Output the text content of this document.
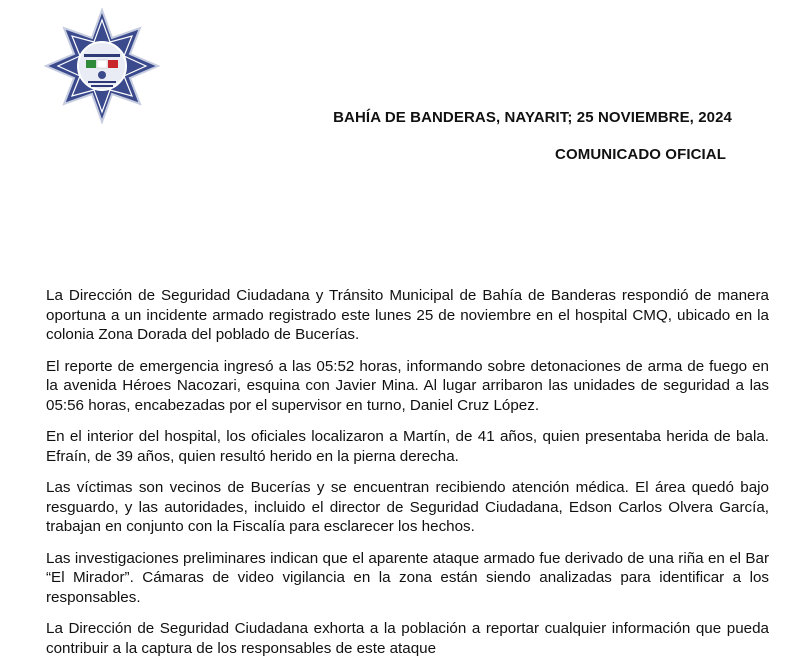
BAHÍA DE BANDERAS, NAYARIT; 25 NOVIEMBRE, 2024
COMUNICADO OFICIAL

La Dirección de Seguridad Ciudadana y Tránsito Municipal de Bahía de Banderas respondió de manera oportuna a un incidente armado registrado este lunes 25 de noviembre en el hospital CMQ, ubicado en la colonia Zona Dorada del poblado de Bucerías.

El reporte de emergencia ingresó a las 05:52 horas, informando sobre detonaciones de arma de fuego en la avenida Héroes Nacozari, esquina con Javier Mina. Al lugar arribaron las unidades de seguridad a las 05:56 horas, encabezadas por el supervisor en turno, Daniel Cruz López.

En el interior del hospital, los oficiales localizaron a Martín, de 41 años, quien presentaba herida de bala. Efraín, de 39 años, quien resultó herido en la pierna derecha.

Las víctimas son vecinos de Bucerías y se encuentran recibiendo atención médica. El área quedó bajo resguardo, y las autoridades, incluido el director de Seguridad Ciudadana, Edson Carlos Olvera García, trabajan en conjunto con la Fiscalía para esclarecer los hechos.

Las investigaciones preliminares indican que el aparente ataque armado fue derivado de una riña en el Bar “El Mirador”. Cámaras de video vigilancia en la zona están siendo analizadas para identificar a los responsables.

La Dirección de Seguridad Ciudadana exhorta a la población a reportar cualquier información que pueda contribuir a la captura de los responsables de este ataque
